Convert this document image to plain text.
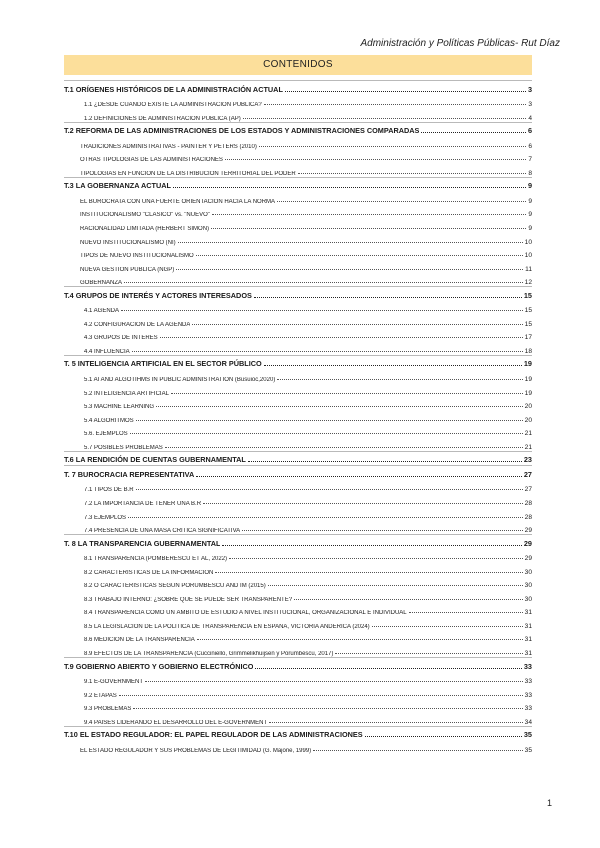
Administración y Políticas Públicas- Rut Díaz
CONTENIDOS
T.1 ORÍGENES HISTÓRICOS DE LA ADMINISTRACIÓN ACTUAL	3
1.1 ¿DESDE CUÁNDO EXISTE LA ADMINISTRACIÓN PÚBLICA?	3
1.2 DEFINICIONES DE ADMINISTRACIÓN PÚBLICA (AP)	4
T.2 REFORMA DE LAS ADMINISTRACIONES DE LOS ESTADOS Y ADMINISTRACIONES COMPARADAS	6
TRADICIONES ADMINISTRATIVAS - PAINTER Y PETERS (2010)	6
OTRAS TIPOLOGÍAS DE LAS ADMINISTRACIONES	7
TIPOLOGÍAS EN FUNCIÓN DE LA DISTRIBUCIÓN TERRITORIAL DEL PODER	8
T.3 LA GOBERNANZA ACTUAL	9
EL BURÓCRATA CON UNA FUERTE ORIENTACIÓN HACIA LA NORMA	9
INSTITUCIONALISMO "CLÁSICO" vs. "NUEVO"	9
RACIONALIDAD LIMITADA (HERBERT SIMON)	9
NUEVO INSTITUCIONALISMO (NI)	10
TIPOS DE NUEVO INSTITUCIONALISMO	10
NUEVA GESTIÓN PÚBLICA (NGP)	11
GOBERNANZA	12
T.4 GRUPOS DE INTERÉS Y ACTORES INTERESADOS	15
4.1 AGENDA	15
4.2 CONFIGURACIÓN DE LA AGENDA	15
4.3 GRUPOS DE INTERÉS	17
4.4 INFLUENCIA	18
T. 5 INTELIGENCIA ARTIFICIAL EN EL SECTOR PÚBLICO	19
5.1 AI AND ALGOTIHMS IN PUBLIC ADMINISTRATION (Busuioc,2020)	19
5.2 INTELIGENCIA ARTIFICIAL	19
5.3 MACHINE LEARNING	20
5.4 ALGORITMOS	20
5.6. EJEMPLOS	21
5.7 POSIBLES PROBLEMAS	21
T.6 LA RENDICIÓN DE CUENTAS GUBERNAMENTAL	23
T. 7 BUROCRACIA REPRESENTATIVA	27
7.1 TIPOS DE B.R	27
7.2 LA IMPORTANCIA DE TENER UNA B.R	28
7.3 EJEMPLOS	28
7.4 PRESENCIA DE UNA MASA CRÍTICA SIGNIFICATIVA	29
T. 8 LA TRANSPARENCIA GUBERNAMENTAL	29
8.1 TRANSPARENCIA (POMBERESCU ET AL, 2022)	29
8.2 CARACTERÍSTICAS DE LA INFORMACIÓN	30
8.2 O CARACTERÍSTICAS SEGÚN PORUMBESCU AND IM (2015)	30
8.3 TRABAJO INTERNO: ¿SOBRE QUÉ SE PUEDE SER TRANSPARENTE?	30
8.4 TRANSPARENCIA COMO UN ÁMBITO DE ESTUDIO A NIVEL INSTITUCIONAL, ORGANIZACIONAL E INDIVIDUAL	31
8.5 LA LEGISLACIÓN DE LA POLÍTICA DE TRANSPARENCIA EN ESPAÑA, VICTORIA ANDERICA (2024)	31
8.6 MEDICIÓN DE LA TRANSPARENCIA	31
8.9 EFECTOS DE LA TRANSPARENCIA (Cucciniello, Grimmelikhuijsen y Porumbescu, 2017)	31
T.9 GOBIERNO ABIERTO Y GOBIERNO ELECTRÓNICO	33
9.1 E-GOVERNMENT	33
9.2 ETAPAS	33
9.3 PROBLEMAS	33
9.4 PAÍSES LIDERANDO EL DESARROLLO DEL E-GOVERNMENT	34
T.10 EL ESTADO REGULADOR: EL PAPEL REGULADOR DE LAS ADMINISTRACIONES	35
EL ESTADO REGULADOR Y SUS PROBLEMAS DE LEGITIMIDAD (G. Majone, 1999)	35
1
